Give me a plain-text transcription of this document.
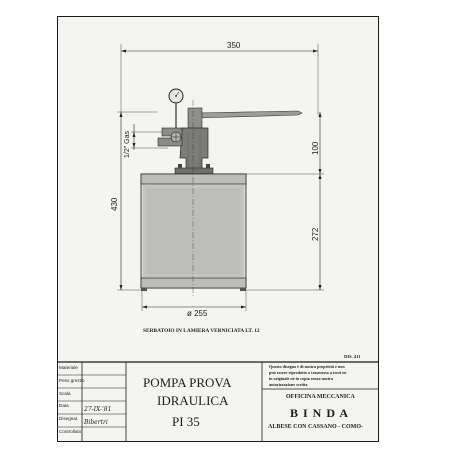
350
430
100
272
ø 255
1/2" Gas
SERBATOIO IN LAMIERA VERNICIATA LT. 12
DIS. 411
Materiale
Peso grezzo
Scala
Data
27-IX-'81
Disegnat.
Bibertri
Controllato
POMPA PROVA
IDRAULICA
PI 35
Questo disegno è di nostra proprietà e non
può essere riprodotto o trasmesso a terzi ne
in originale né in copia senza nostra
autorizzazione scritta
OFFICINA MECCANICA
B I N D A
ALBESE CON CASSANO - COMO-
